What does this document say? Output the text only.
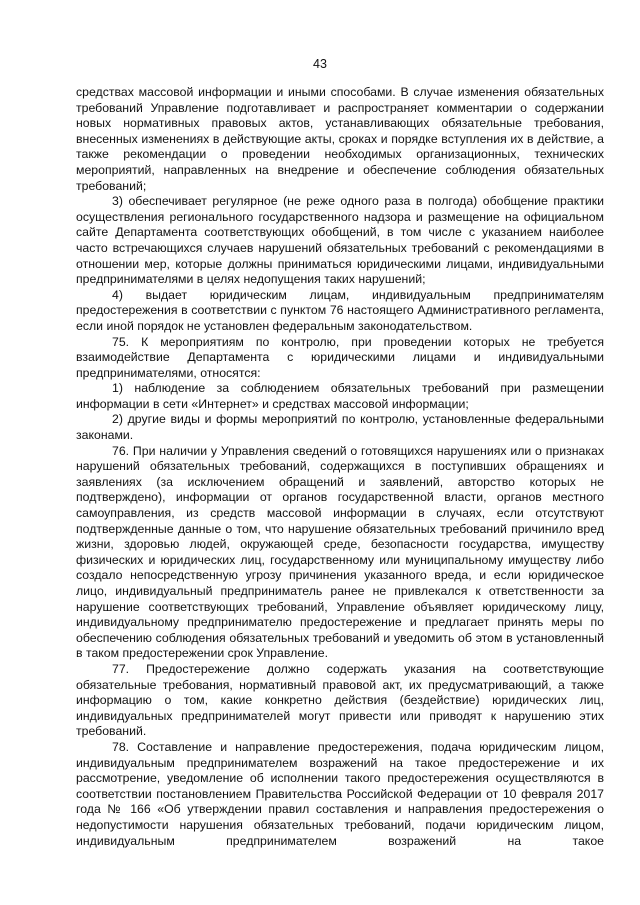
43

средствах массовой информации и иными способами. В случае изменения обязательных требований Управление подготавливает и распространяет комментарии о содержании новых нормативных правовых актов, устанавливающих обязательные требования, внесенных изменениях в действующие акты, сроках и порядке вступления их в действие, а также рекомендации о проведении необходимых организационных, технических мероприятий, направленных на внедрение и обеспечение соблюдения обязательных требований;

3) обеспечивает регулярное (не реже одного раза в полгода) обобщение практики осуществления регионального государственного надзора и размещение на официальном сайте Департамента соответствующих обобщений, в том числе с указанием наиболее часто встречающихся случаев нарушений обязательных требований с рекомендациями в отношении мер, которые должны приниматься юридическими лицами, индивидуальными предпринимателями в целях недопущения таких нарушений;

4) выдает юридическим лицам, индивидуальным предпринимателям предостережения в соответствии с пунктом 76 настоящего Административного регламента, если иной порядок не установлен федеральным законодательством.

75. К мероприятиям по контролю, при проведении которых не требуется взаимодействие Департамента с юридическими лицами и индивидуальными предпринимателями, относятся:

1) наблюдение за соблюдением обязательных требований при размещении информации в сети «Интернет» и средствах массовой информации;

2) другие виды и формы мероприятий по контролю, установленные федеральными законами.

76. При наличии у Управления сведений о готовящихся нарушениях или о признаках нарушений обязательных требований, содержащихся в поступивших обращениях и заявлениях (за исключением обращений и заявлений, авторство которых не подтверждено), информации от органов государственной власти, органов местного самоуправления, из средств массовой информации в случаях, если отсутствуют подтвержденные данные о том, что нарушение обязательных требований причинило вред жизни, здоровью людей, окружающей среде, безопасности государства, имуществу физических и юридических лиц, государственному или муниципальному имуществу либо создало непосредственную угрозу причинения указанного вреда, и если юридическое лицо, индивидуальный предприниматель ранее не привлекался к ответственности за нарушение соответствующих требований, Управление объявляет юридическому лицу, индивидуальному предпринимателю предостережение и предлагает принять меры по обеспечению соблюдения обязательных требований и уведомить об этом в установленный в таком предостережении срок Управление.

77. Предостережение должно содержать указания на соответствующие обязательные требования, нормативный правовой акт, их предусматривающий, а также информацию о том, какие конкретно действия (бездействие) юридических лиц, индивидуальных предпринимателей могут привести или приводят к нарушению этих требований.

78. Составление и направление предостережения, подача юридическим лицом, индивидуальным предпринимателем возражений на такое предостережение и их рассмотрение, уведомление об исполнении такого предостережения осуществляются в соответствии постановлением Правительства Российской Федерации от 10 февраля 2017 года № 166 «Об утверждении правил составления и направления предостережения о недопустимости нарушения обязательных требований, подачи юридическим лицом, индивидуальным предпринимателем возражений на такое
